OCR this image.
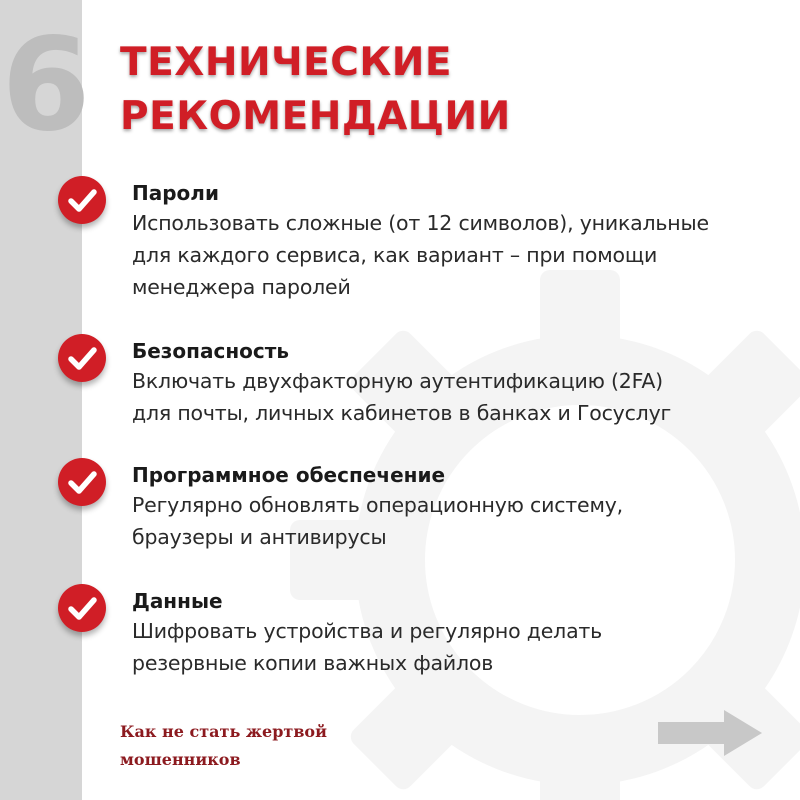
6 ТЕХНИЧЕСКИЕ
РЕКОМЕНДАЦИИ
Пароли
Использовать сложные (от 12 символов), уникальные
для каждого сервиса, как вариант – при помощи
менеджера паролей
Безопасность
Включать двухфакторную аутентификацию (2FA)
для почты, личных кабинетов в банках и Госуслуг
Программное обеспечение
Регулярно обновлять операционную систему,
браузеры и антивирусы
Данные
Шифровать устройства и регулярно делать
резервные копии важных файлов
Как не стать жертвой
мошенников
